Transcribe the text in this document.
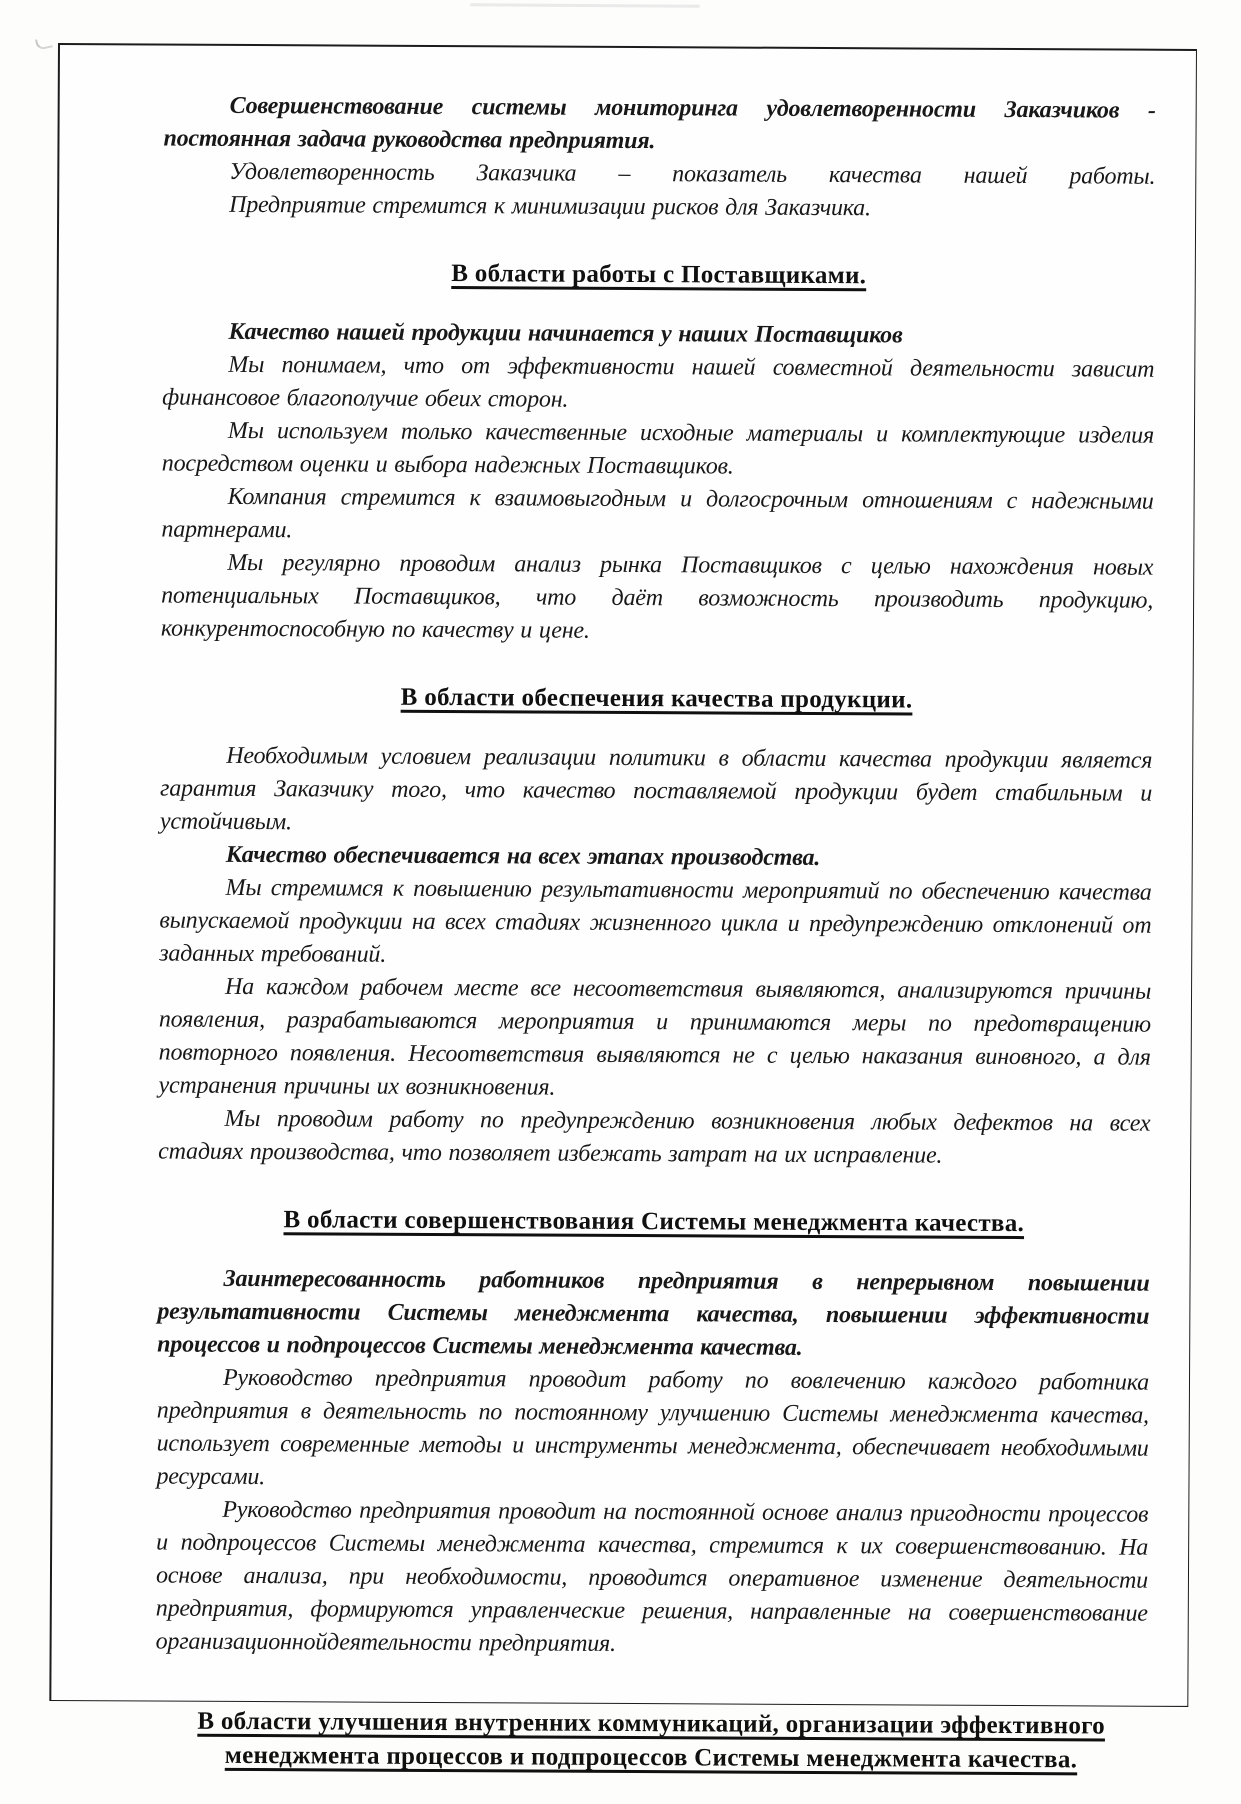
Совершенствование системы мониторинга удовлетворенности Заказчиков - постоянная задача руководства предприятия.

Удовлетворенность Заказчика – показатель качества нашей работы.

Предприятие стремится к минимизации рисков для Заказчика.

В области работы с Поставщиками.

Качество нашей продукции начинается у наших Поставщиков

Мы понимаем, что от эффективности нашей совместной деятельности зависит финансовое благополучие обеих сторон.

Мы используем только качественные исходные материалы и комплектующие изделия посредством оценки и выбора надежных Поставщиков.

Компания стремится к взаимовыгодным и долгосрочным отношениям с надежными партнерами.

Мы регулярно проводим анализ рынка Поставщиков с целью нахождения новых потенциальных Поставщиков, что даёт возможность производить продукцию, конкурентоспособную по качеству и цене.

В области обеспечения качества продукции.

Необходимым условием реализации политики в области качества продукции является гарантия Заказчику того, что качество поставляемой продукции будет стабильным и устойчивым.

Качество обеспечивается на всех этапах производства.

Мы стремимся к повышению результативности мероприятий по обеспечению качества выпускаемой продукции на всех стадиях жизненного цикла и предупреждению отклонений от заданных требований.

На каждом рабочем месте все несоответствия выявляются, анализируются причины появления, разрабатываются мероприятия и принимаются меры по предотвращению повторного появления. Несоответствия выявляются не с целью наказания виновного, а для устранения причины их возникновения.

Мы проводим работу по предупреждению возникновения любых дефектов на всех стадиях производства, что позволяет избежать затрат на их исправление.

В области совершенствования Системы менеджмента качества.

Заинтересованность работников предприятия в непрерывном повышении результативности Системы менеджмента качества, повышении эффективности процессов и подпроцессов Системы менеджмента качества.

Руководство предприятия проводит работу по вовлечению каждого работника предприятия в деятельность по постоянному улучшению Системы менеджмента качества, использует современные методы и инструменты менеджмента, обеспечивает необходимыми ресурсами.

Руководство предприятия проводит на постоянной основе анализ пригодности процессов и подпроцессов Системы менеджмента качества, стремится к их совершенствованию. На основе анализа, при необходимости, проводится оперативное изменение деятельности предприятия, формируются управленческие решения, направленные на совершенствование организационнойдеятельности предприятия.

В области улучшения внутренних коммуникаций, организации эффективного менеджмента процессов и подпроцессов Системы менеджмента качества.
